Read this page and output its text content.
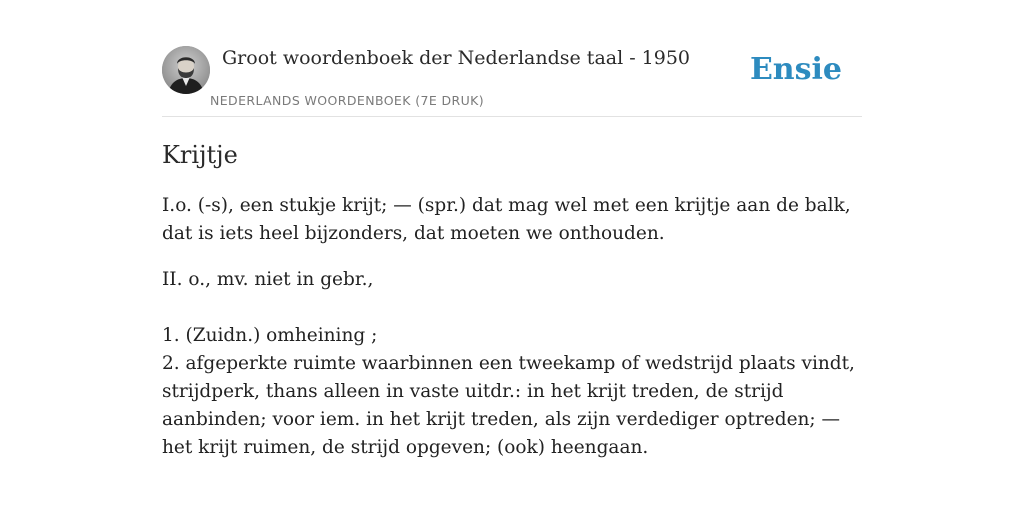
Groot woordenboek der Nederlandse taal - 1950
NEDERLANDS WOORDENBOEK (7E DRUK)
Ensie
Krijtje

I.o. (-s), een stukje krijt; — (spr.) dat mag wel met een krijtje aan de balk, dat is iets heel bijzonders, dat moeten we onthouden.

II. o., mv. niet in gebr.,

1. (Zuidn.) omheining ;

2. afgeperkte ruimte waarbinnen een tweekamp of wedstrijd plaats vindt, strijdperk, thans alleen in vaste uitdr.: in het krijt treden, de strijd aanbinden; voor iem. in het krijt treden, als zijn verdediger optreden; — het krijt ruimen, de strijd opgeven; (ook) heengaan.
